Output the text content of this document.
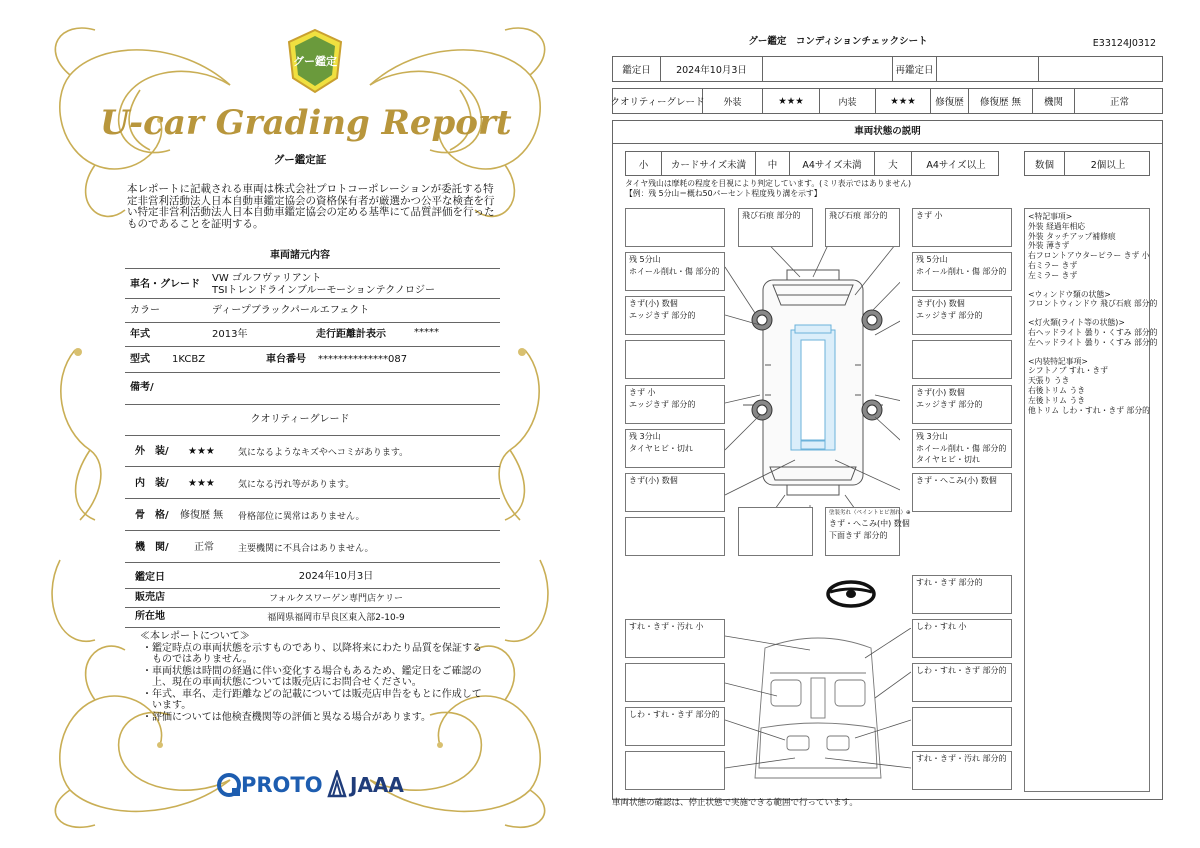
グー鑑定
U-car Grading Report
グー鑑定証
本レポートに記載される車両は株式会社プロトコーポレーションが委託する特定非営利活動法人日本自動車鑑定協会の資格保有者が厳選かつ公平な検査を行い特定非営利活動法人日本自動車鑑定協会の定める基準にて品質評価を行ったものであることを証明する。
車両諸元内容
車名・グレード
VW ゴルフヴァリアント
TSIトレンドラインブルーモーションテクノロジー
カラー	ディープブラックパールエフェクト
年式	2013年	走行距離計表示	*****
型式 1KCBZ	車台番号 **************087
備考/
クオリティーグレード
外　装/ ★★★	気になるようなキズやヘコミがあります。
内　装/ ★★★	気になる汚れ等があります。
骨　格/ 修復歴 無 骨格部位に異常はありません。
機　関/	正常	主要機関に不具合はありません。
鑑定日	2024年10月3日
販売店	フォルクスワーゲン専門店ケリー
所在地	福岡県福岡市早良区東入部2-10-9
≪本レポートについて≫
・鑑定時点の車両状態を示すものであり、以降将来にわたり品質を保証するものではありません。
・車両状態は時間の経過に伴い変化する場合もあるため、鑑定日をご確認の上、現在の車両状態については販売店にお問合せください。
・年式、車名、走行距離などの記載については販売店申告をもとに作成しています。
・評価については他検査機関等の評価と異なる場合があります。
PROTO JAAA
グー鑑定　コンディションチェックシート	E33124J0312
鑑定日	2024年10月3日	再鑑定日
クオリティーグレード	外装	★★★	内装	★★★	修復歴	修復歴 無	機関	正常
車両状態の説明
小	カードサイズ未満	中	A4サイズ未満	大	A4サイズ以上	数個	2個以上
タイヤ残山は摩耗の程度を目視により判定しています。(ミリ表示ではありません)
【例：残 5分山＝概ね50パーセント程度残り溝を示す】
飛び石痕 部分的	飛び石痕 部分的	きず 小
残 5分山
ホイール削れ・傷 部分的
残 5分山
ホイール削れ・傷 部分的
きず(小) 数個
エッジきず 部分的
きず(小) 数個
エッジきず 部分的
きず 小
エッジきず 部分的
きず(小) 数個
エッジきず 部分的
残 3分山
タイヤヒビ・切れ
残 3分山
ホイール削れ・傷 部分的
タイヤヒビ・切れ
きず(小) 数個	きず・へこみ(小) 数個
塗装劣れ（ペイントヒビ割れ）⊕
きず・へこみ(中) 数個
下面きず 部分的
すれ・きず 部分的
すれ・きず・汚れ 小	しわ・すれ 小
しわ・すれ・きず 部分的
しわ・すれ・きず 部分的
すれ・きず・汚れ 部分的
<特記事項>
外装 経過年相応
外装 タッチアップ補修痕
外装 薄きず
右フロントアウターピラー きず 小
右ミラー きず
左ミラー きず
<ウィンドウ類の状態>
フロントウィンドウ 飛び石痕 部分的
<灯火類(ライト等の状態)>
右ヘッドライト 曇り・くすみ 部分的
左ヘッドライト 曇り・くすみ 部分的
<内装特記事項>
シフトノブ すれ・きず
天張り うき
右後トリム うき
左後トリム うき
他トリム しわ・すれ・きず 部分的
車両状態の確認は、停止状態で実施できる範囲で行っています。
